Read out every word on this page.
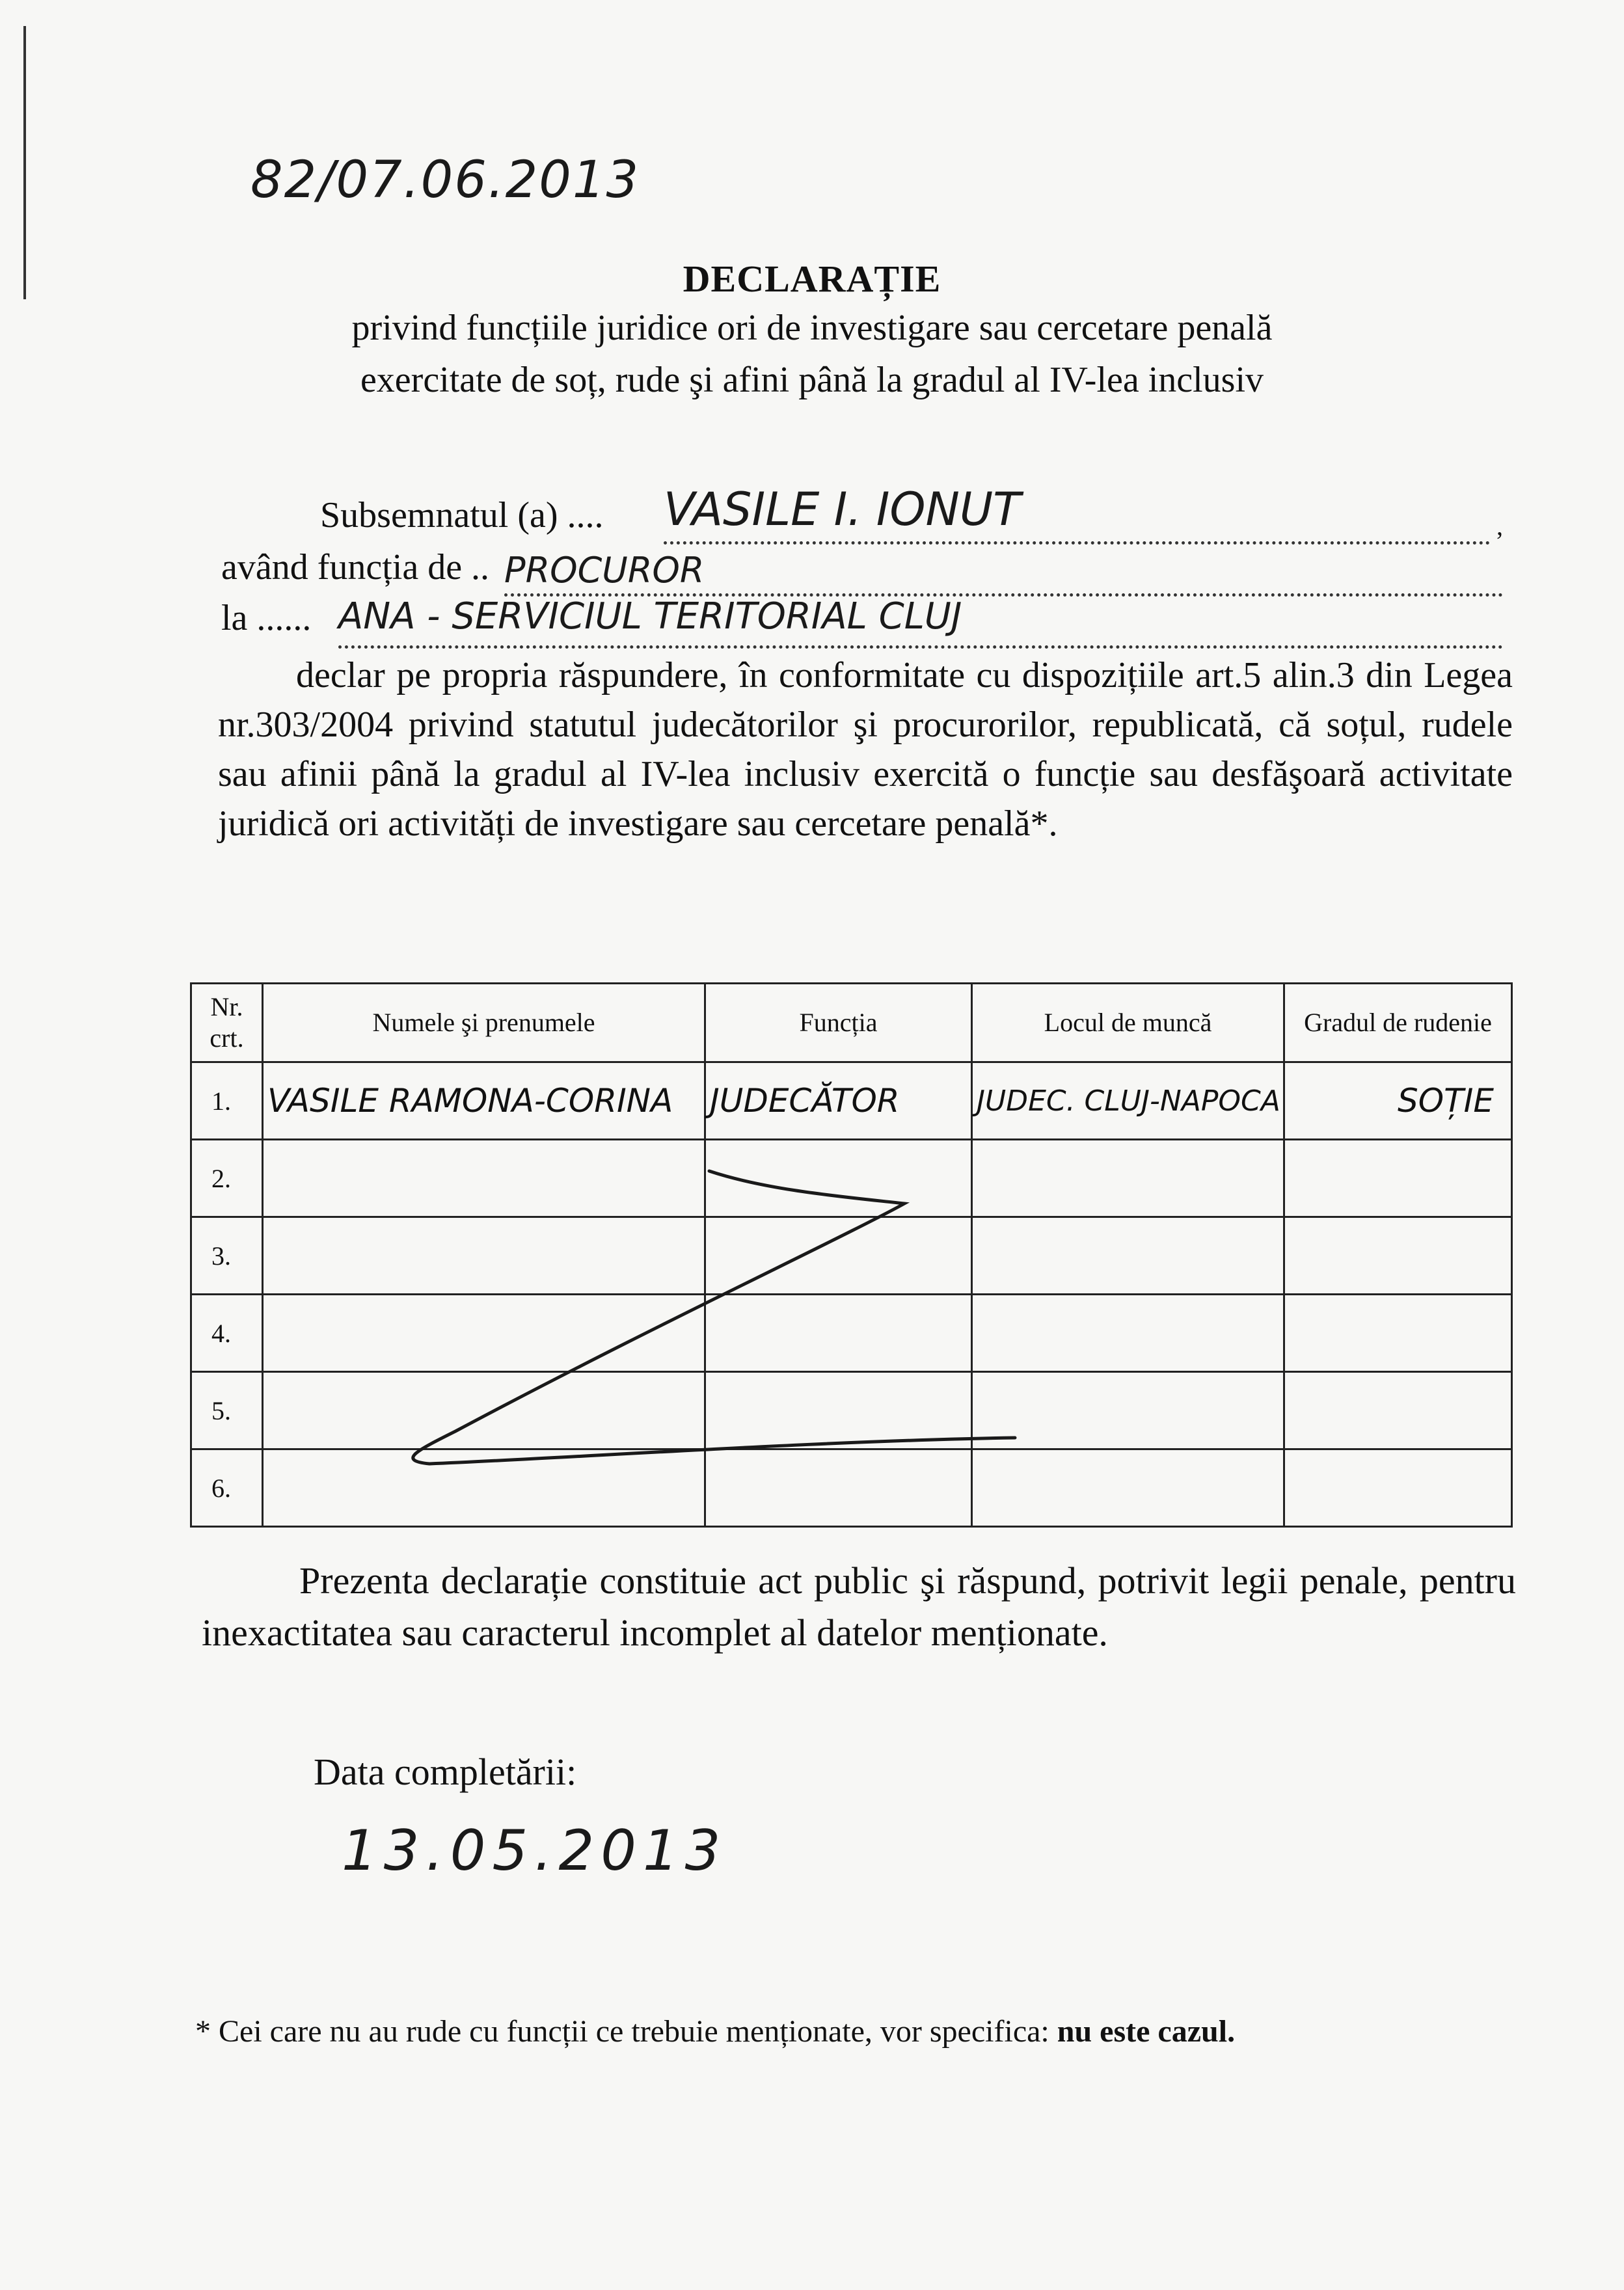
82/07.06.2013
DECLARAȚIE
privind funcțiile juridice ori de investigare sau cercetare penală
exercitate de soț, rude şi afini până la gradul al IV-lea inclusiv
Subsemnatul (a) .... VASILE I. IONUT	,
având funcția de .. PROCUROR
la ...... ANA - SERVICIUL TERITORIAL CLUJ
declar pe propria răspundere, în conformitate cu dispozițiile art.5 alin.3 din Legea nr.303/2004 privind statutul judecătorilor şi procurorilor, republicată, că soțul, rudele sau afinii până la gradul al IV-lea inclusiv exercită o funcție sau desfăşoară activitate juridică ori activități de investigare sau cercetare penală*.
Nr. crt.	Numele şi prenumele	Funcția	Locul de muncă	Gradul de rudenie
1.	VASILE RAMONA-CORINA	JUDECĂTOR	JUDEC. CLUJ-NAPOCA	SOȚIE

2.				
3.				
4.				
5.				
6.				
Prezenta declarație constituie act public şi răspund, potrivit legii penale, pentru inexactitatea sau caracterul incomplet al datelor menționate.
Data completării:
13.05.2013
* Cei care nu au rude cu funcții ce trebuie menționate, vor specifica: nu este cazul.
